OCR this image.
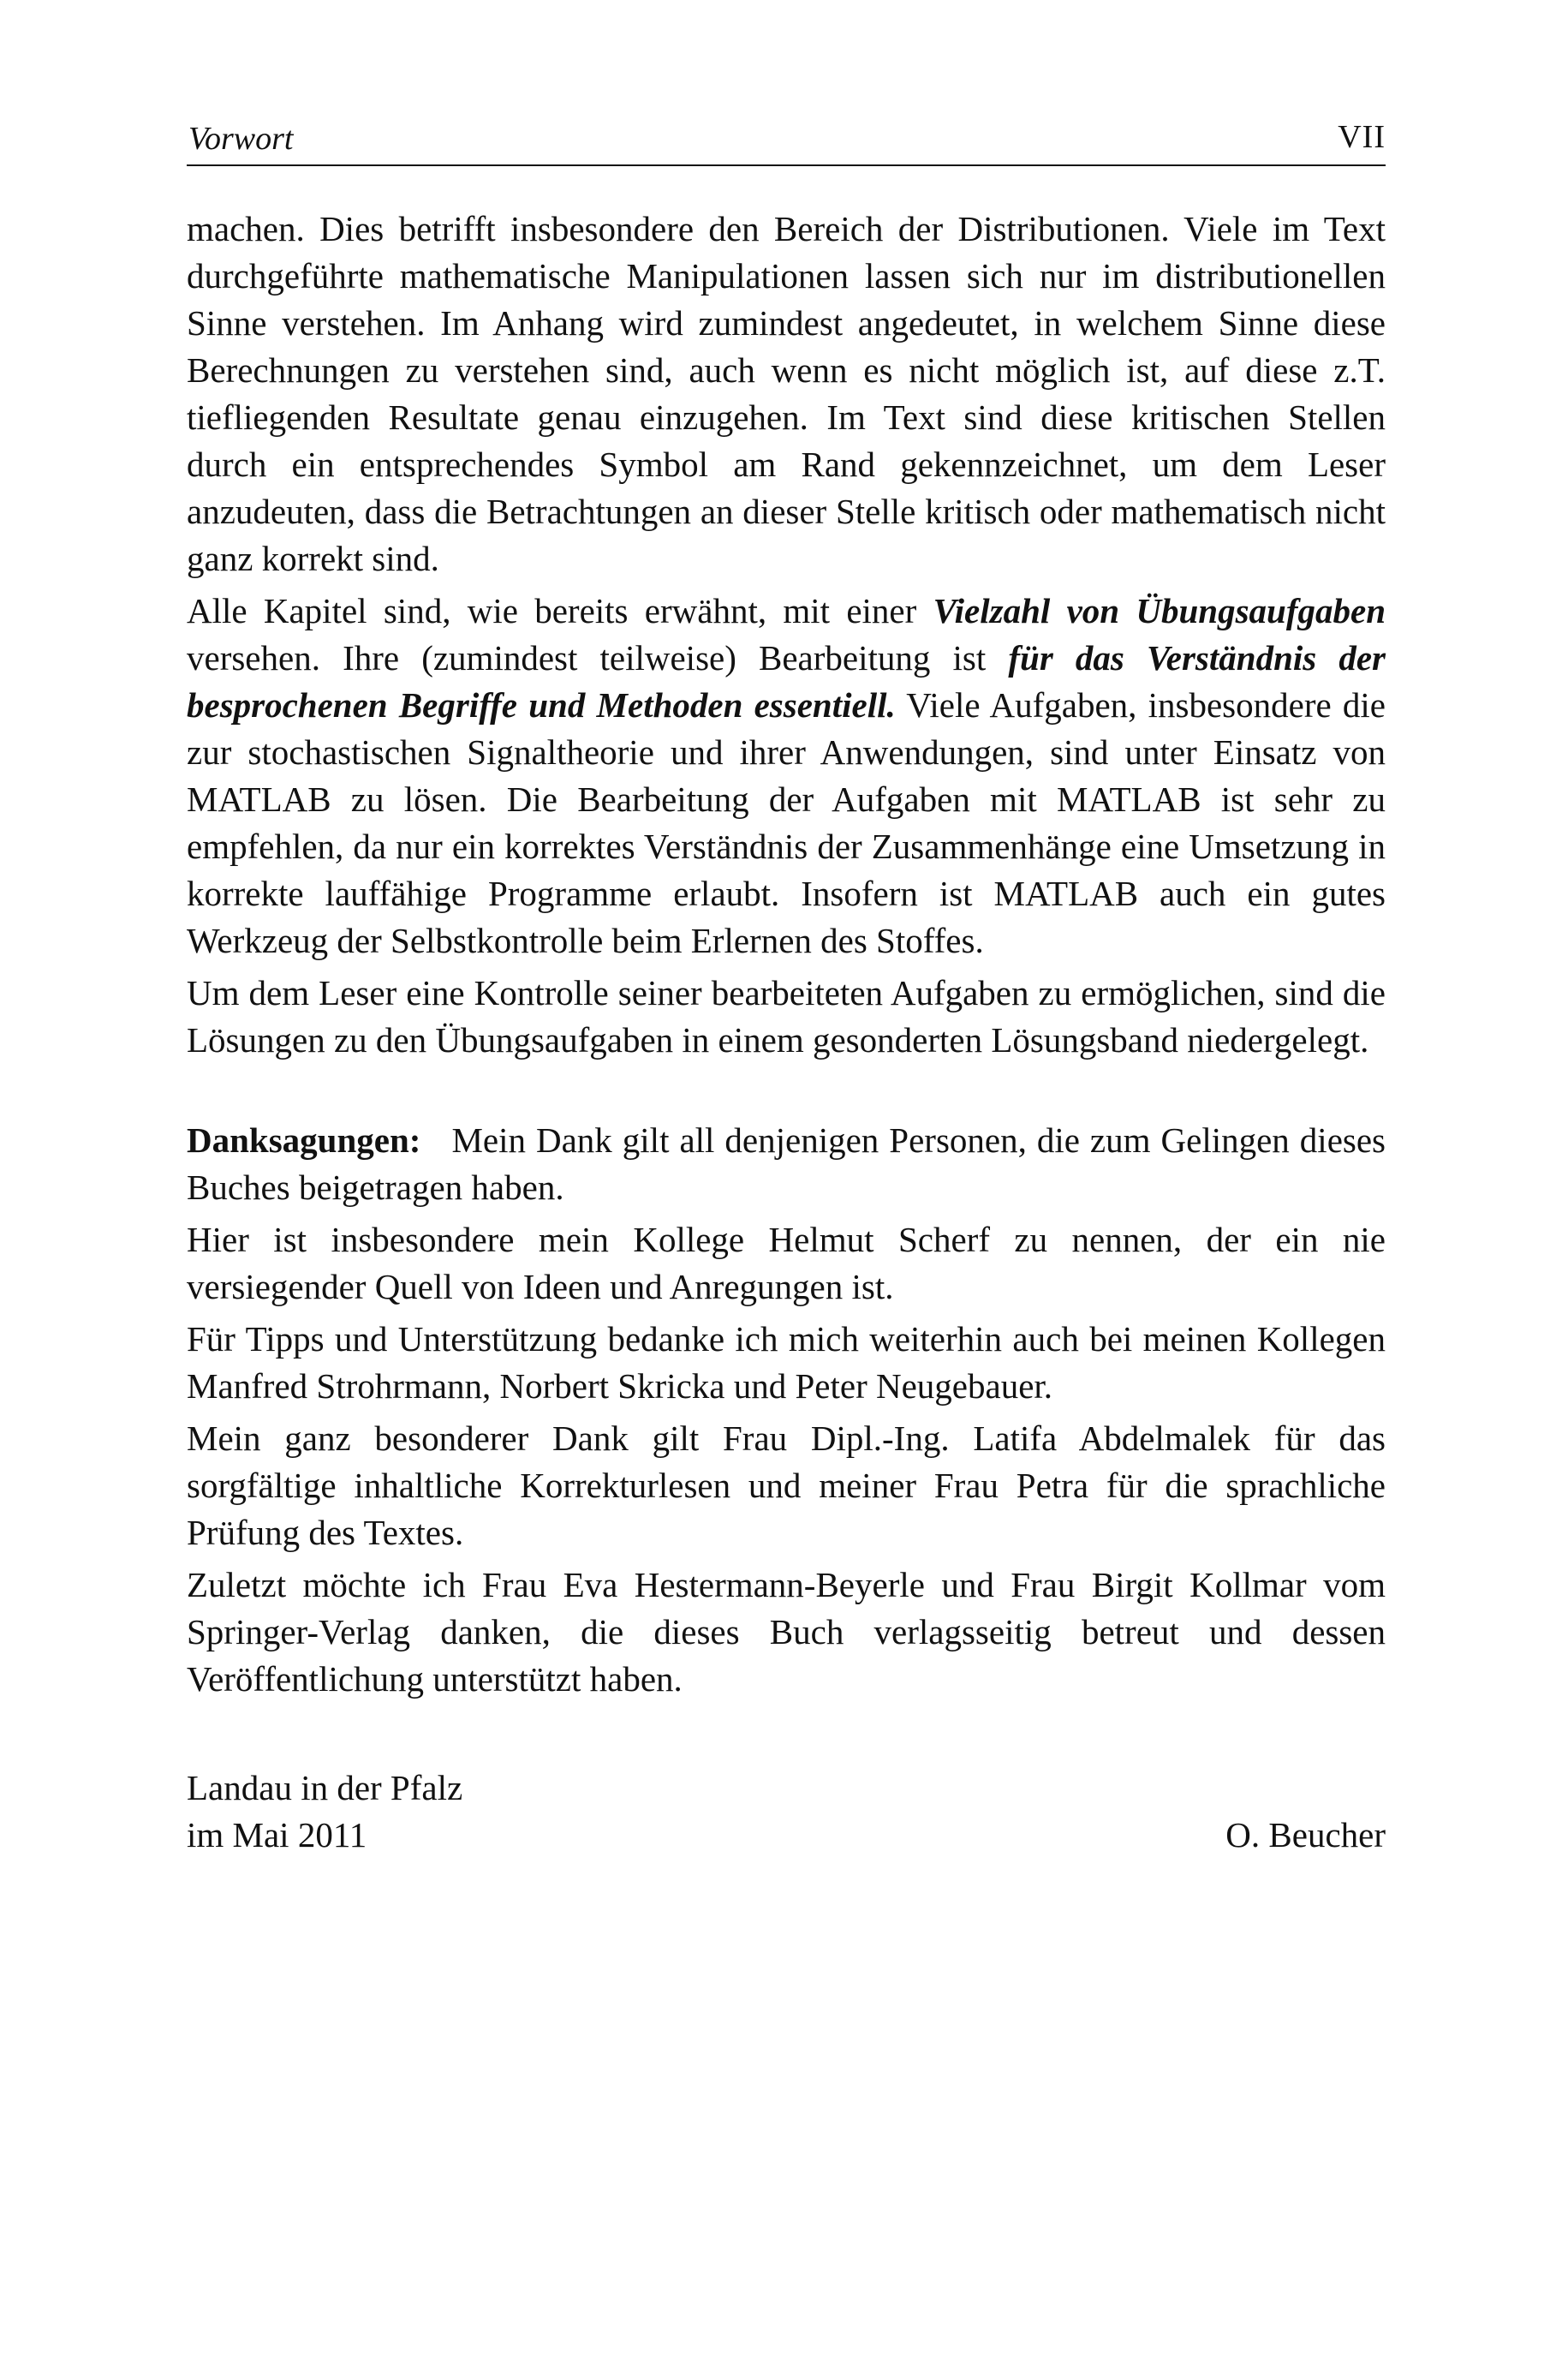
Vorwort	VII

machen. Dies betrifft insbesondere den Bereich der Distributionen. Viele im Text durchgeführte mathematische Manipulationen lassen sich nur im distributionellen Sinne verstehen. Im Anhang wird zumindest angedeutet, in welchem Sinne diese Berechnungen zu verstehen sind, auch wenn es nicht möglich ist, auf diese z.T. tiefliegenden Resultate genau einzugehen. Im Text sind diese kritischen Stellen durch ein entsprechendes Symbol am Rand gekennzeichnet, um dem Leser anzudeuten, dass die Betrachtungen an dieser Stelle kritisch oder mathematisch nicht ganz korrekt sind.

Alle Kapitel sind, wie bereits erwähnt, mit einer Vielzahl von Übungsaufgaben versehen. Ihre (zumindest teilweise) Bearbeitung ist für das Verständnis der besprochenen Begriffe und Methoden essentiell. Viele Aufgaben, insbesondere die zur stochastischen Signaltheorie und ihrer Anwendungen, sind unter Einsatz von MATLAB zu lösen. Die Bearbeitung der Aufgaben mit MATLAB ist sehr zu empfehlen, da nur ein korrektes Verständnis der Zusammenhänge eine Umsetzung in korrekte lauffähige Programme erlaubt. Insofern ist MATLAB auch ein gutes Werkzeug der Selbstkontrolle beim Erlernen des Stoffes.

Um dem Leser eine Kontrolle seiner bearbeiteten Aufgaben zu ermöglichen, sind die Lösungen zu den Übungsaufgaben in einem gesonderten Lösungsband niedergelegt.

Danksagungen: Mein Dank gilt all denjenigen Personen, die zum Gelingen dieses Buches beigetragen haben.

Hier ist insbesondere mein Kollege Helmut Scherf zu nennen, der ein nie versiegender Quell von Ideen und Anregungen ist.

Für Tipps und Unterstützung bedanke ich mich weiterhin auch bei meinen Kollegen Manfred Strohrmann, Norbert Skricka und Peter Neugebauer.

Mein ganz besonderer Dank gilt Frau Dipl.-Ing. Latifa Abdelmalek für das sorgfältige inhaltliche Korrekturlesen und meiner Frau Petra für die sprachliche Prüfung des Textes.

Zuletzt möchte ich Frau Eva Hestermann-Beyerle und Frau Birgit Kollmar vom Springer-Verlag danken, die dieses Buch verlagsseitig betreut und dessen Veröffentlichung unterstützt haben.

Landau in der Pfalz
im Mai 2011	O. Beucher
